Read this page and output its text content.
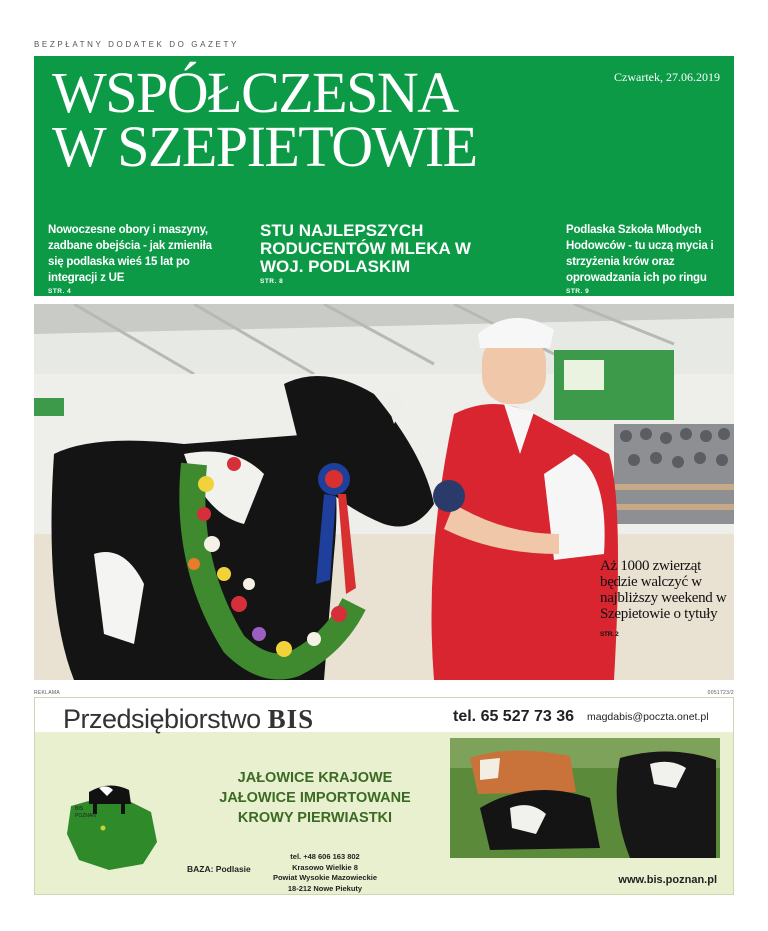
BEZPŁATNY DODATEK DO GAZETY
WSPÓŁCZESNA
W SZEPIETOWIE
Czwartek, 27.06.2019
Nowoczesne obory i maszyny, zadbane obejścia - jak zmieniła się podlaska wieś 15 lat po integracji z UE
STR. 4
STU NAJLEPSZYCH RODUCENTÓW MLEKA W WOJ. PODLASKIM
STR. 8
Podlaska Szkoła Młodych Hodowców - tu uczą mycia i strzyżenia krów oraz oprowadzania ich po ringu
STR. 9
Aż 1000 zwierząt będzie walczyć w najbliższy weekend w Szepietowie o tytuły
STR. 2
REKLAMA	0051723/2
Przedsiębiorstwo BIS	tel. 65 527 73 36 magdabis@poczta.onet.pl
BIS
POZNAŃ
JAŁOWICE KRAJOWE
JAŁOWICE IMPORTOWANE
KROWY PIERWIASTKI
BAZA: Podlasie
tel. +48 606 163 802
Krasowo Wielkie 8
Powiat Wysokie Mazowieckie
18-212 Nowe Piekuty
www.bis.poznan.pl
